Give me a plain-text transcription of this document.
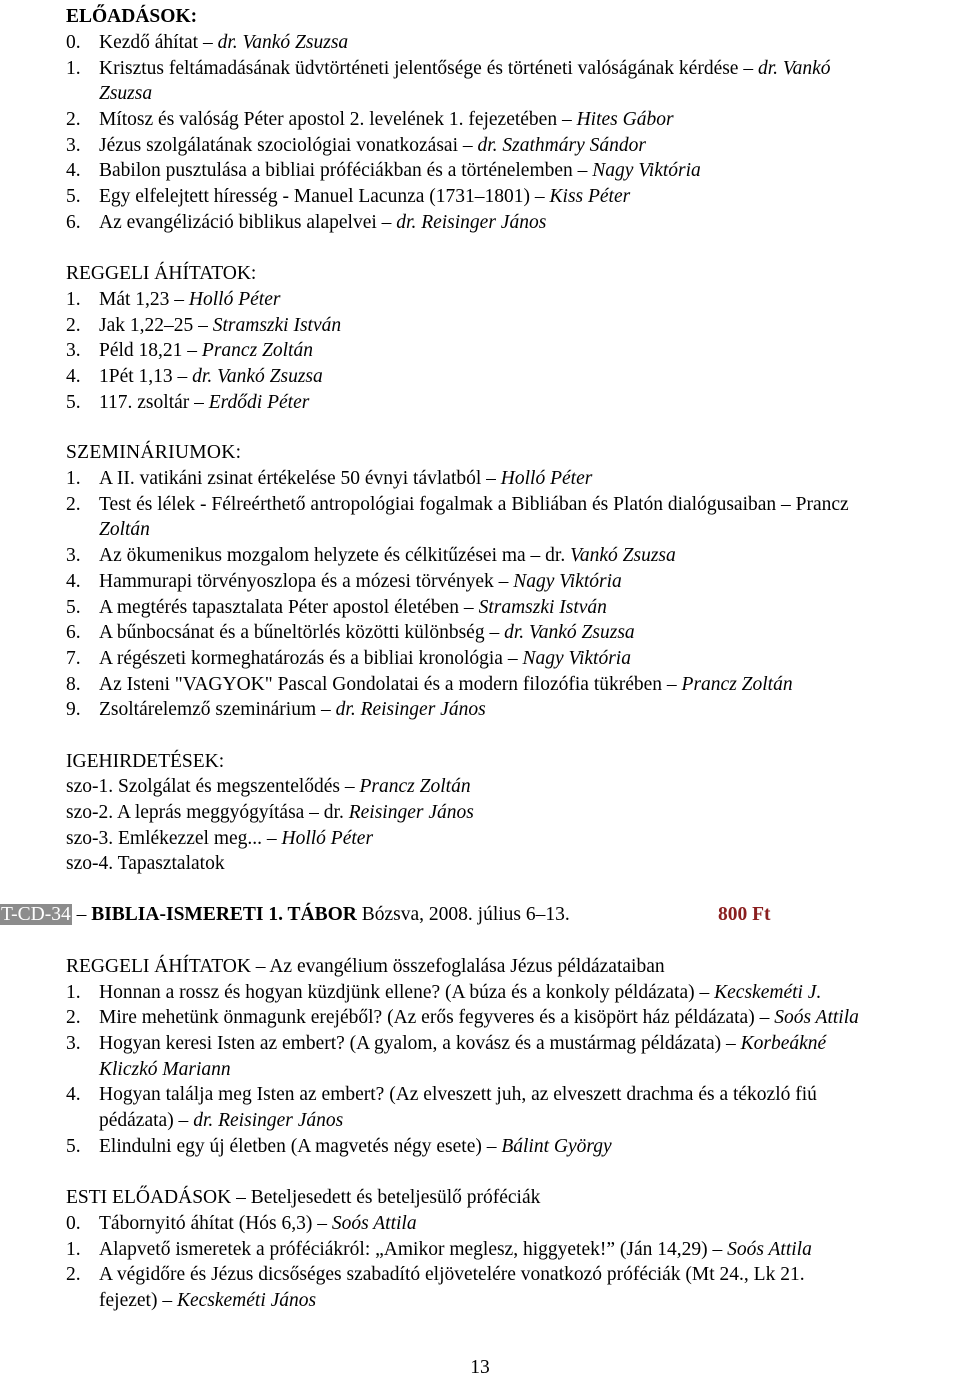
ELŐADÁSOK:
0. Kezdő áhítat – dr. Vankó Zsuzsa
1. Krisztus feltámadásának üdvtörténeti jelentősége és történeti valóságának kérdése – dr. Vankó
Zsuzsa
2. Mítosz és valóság Péter apostol 2. levelének 1. fejezetében – Hites Gábor
3. Jézus szolgálatának szociológiai vonatkozásai – dr. Szathmáry Sándor
4. Babilon pusztulása a bibliai próféciákban és a történelemben – Nagy Viktória
5. Egy elfelejtett híresség - Manuel Lacunza (1731–1801) – Kiss Péter
6. Az evangélizáció biblikus alapelvei – dr. Reisinger János
REGGELI ÁHÍTATOK:
1. Mát 1,23 – Holló Péter
2. Jak 1,22–25 – Stramszki István
3. Péld 18,21 – Prancz Zoltán
4. 1Pét 1,13 – dr. Vankó Zsuzsa
5. 117. zsoltár – Erdődi Péter
SZEMINÁRIUMOK:
1. A II. vatikáni zsinat értékelése 50 évnyi távlatból – Holló Péter
2. Test és lélek - Félreérthető antropológiai fogalmak a Bibliában és Platón dialógusaiban – Prancz
Zoltán
3. Az ökumenikus mozgalom helyzete és célkitűzései ma – dr. Vankó Zsuzsa
4. Hammurapi törvényoszlopa és a mózesi törvények – Nagy Viktória
5. A megtérés tapasztalata Péter apostol életében – Stramszki István
6. A bűnbocsánat és a bűneltörlés közötti különbség – dr. Vankó Zsuzsa
7. A régészeti kormeghatározás és a bibliai kronológia – Nagy Viktória
8. Az Isteni "VAGYOK" Pascal Gondolatai és a modern filozófia tükrében – Prancz Zoltán
9. Zsoltárelemző szeminárium – dr. Reisinger János
IGEHIRDETÉSEK:
szo-1. Szolgálat és megszentelődés – Prancz Zoltán
szo-2. A leprás meggyógyítása – dr. Reisinger János
szo-3. Emlékezzel meg... – Holló Péter
szo-4. Tapasztalatok
T-CD-34 – BIBLIA-ISMERETI 1. TÁBOR Bózsva, 2008. július 6–13.	800 Ft
REGGELI ÁHÍTATOK – Az evangélium összefoglalása Jézus példázataiban
1. Honnan a rossz és hogyan küzdjünk ellene? (A búza és a konkoly példázata) – Kecskeméti J.
2. Mire mehetünk önmagunk erejéből? (Az erős fegyveres és a kisöpört ház példázata) – Soós Attila
3. Hogyan keresi Isten az embert? (A gyalom, a kovász és a mustármag példázata) – Korbeákné
Kliczkó Mariann
4. Hogyan találja meg Isten az embert? (Az elveszett juh, az elveszett drachma és a tékozló fiú
pédázata) – dr. Reisinger János
5. Elindulni egy új életben (A magvetés négy esete) – Bálint György
ESTI ELŐADÁSOK – Beteljesedett és beteljesülő próféciák
0. Tábornyitó áhítat (Hós 6,3) – Soós Attila
1. Alapvető ismeretek a próféciákról: „Amikor meglesz, higgyetek!” (Ján 14,29) – Soós Attila
2. A végidőre és Jézus dicsőséges szabadító eljövetelére vonatkozó próféciák (Mt 24., Lk 21.
fejezet) – Kecskeméti János
13
